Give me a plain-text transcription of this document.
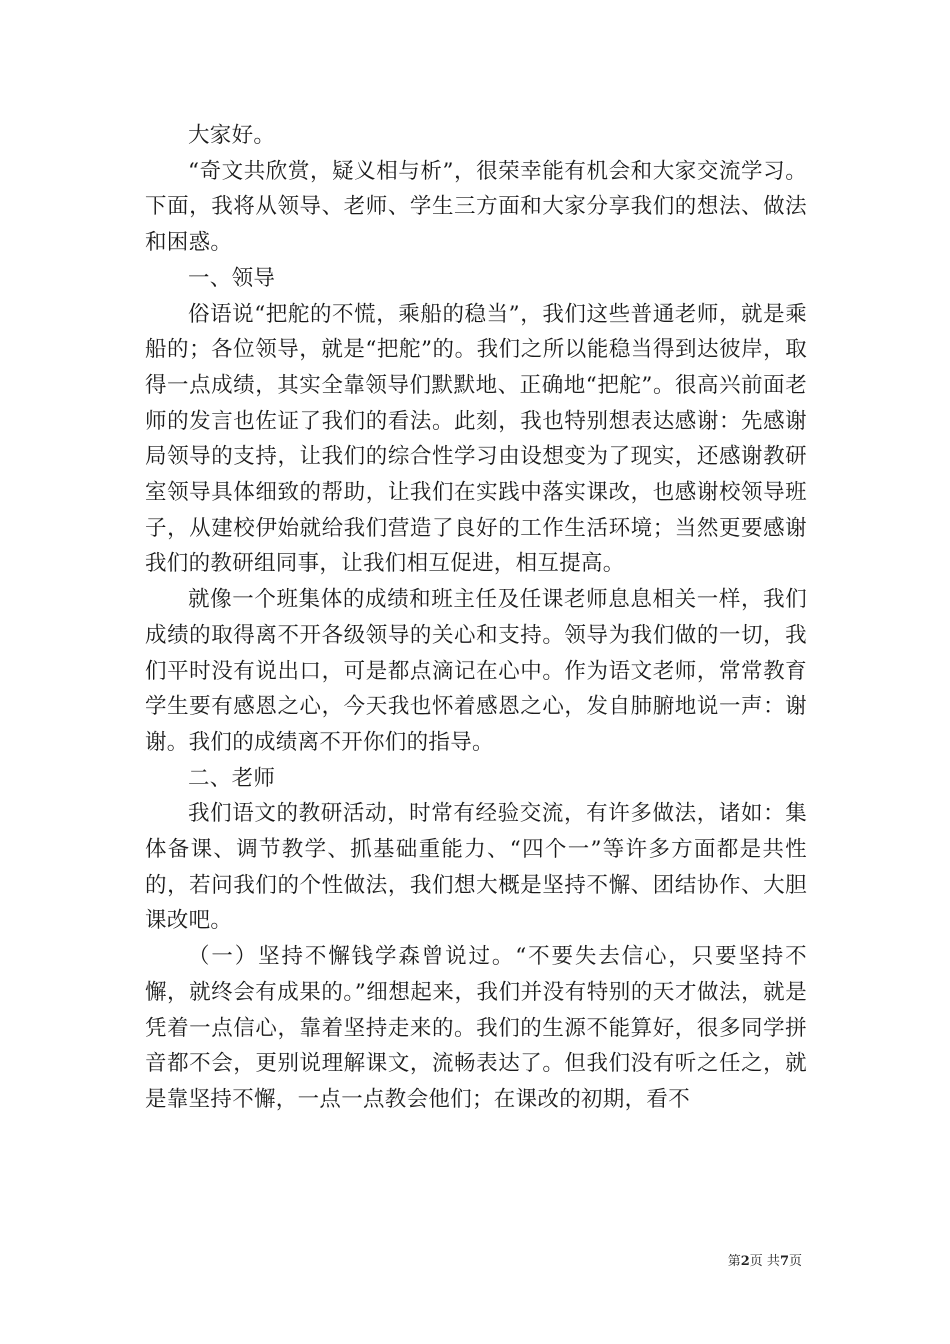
大家好。

“奇文共欣赏，疑义相与析”，很荣幸能有机会和大家交流学习。下面，我将从领导、老师、学生三方面和大家分享我们的想法、做法和困惑。

一、领导

俗语说“把舵的不慌，乘船的稳当”，我们这些普通老师，就是乘船的；各位领导，就是“把舵”的。我们之所以能稳当得到达彼岸，取得一点成绩，其实全靠领导们默默地、正确地“把舵”。很高兴前面老师的发言也佐证了我们的看法。此刻，我也特别想表达感谢：先感谢局领导的支持，让我们的综合性学习由设想变为了现实，还感谢教研室领导具体细致的帮助，让我们在实践中落实课改，也感谢校领导班子，从建校伊始就给我们营造了良好的工作生活环境；当然更要感谢我们的教研组同事，让我们相互促进，相互提高。

就像一个班集体的成绩和班主任及任课老师息息相关一样，我们成绩的取得离不开各级领导的关心和支持。领导为我们做的一切，我们平时没有说出口，可是都点滴记在心中。作为语文老师，常常教育学生要有感恩之心，今天我也怀着感恩之心，发自肺腑地说一声：谢谢。我们的成绩离不开你们的指导。

二、老师

我们语文的教研活动，时常有经验交流，有许多做法，诸如：集体备课、调节教学、抓基础重能力、“四个一”等许多方面都是共性的，若问我们的个性做法，我们想大概是坚持不懈、团结协作、大胆课改吧。

（一）坚持不懈钱学森曾说过。“不要失去信心，只要坚持不懈，就终会有成果的。”细想起来，我们并没有特别的天才做法，就是凭着一点信心，靠着坚持走来的。我们的生源不能算好，很多同学拼音都不会，更别说理解课文，流畅表达了。但我们没有听之任之，就是靠坚持不懈，一点一点教会他们；在课改的初期，看不

第2页 共7页
